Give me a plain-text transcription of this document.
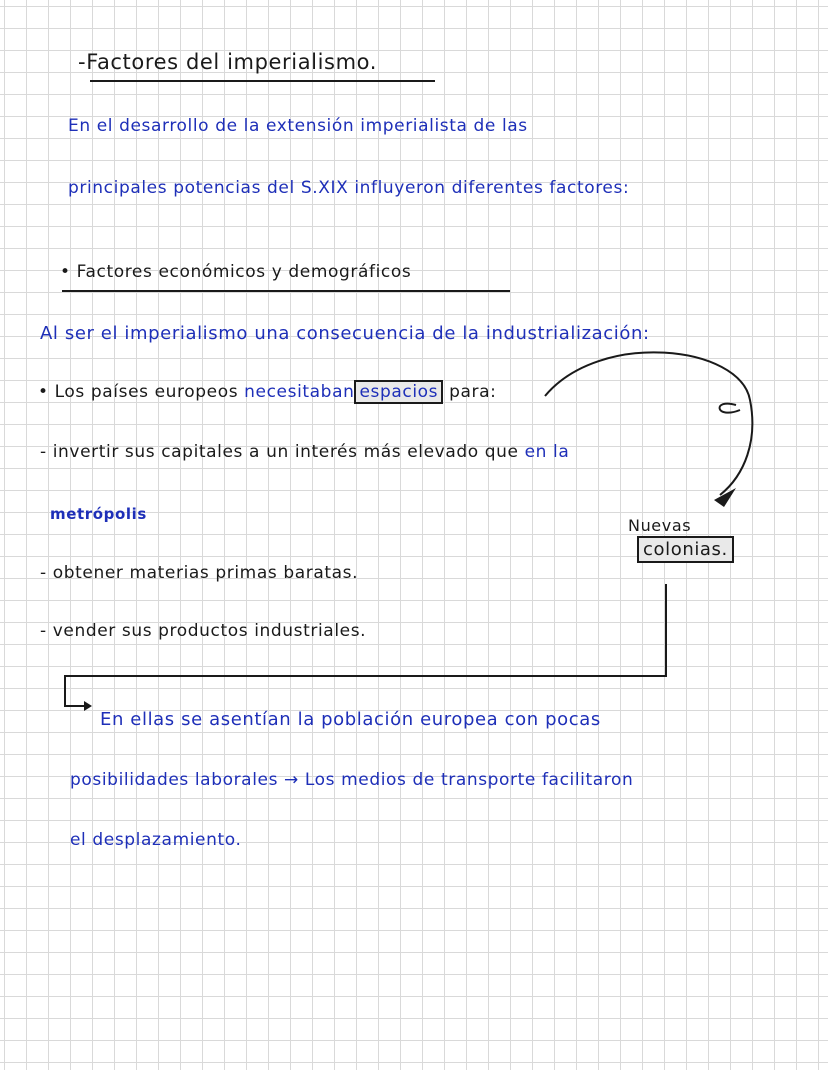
-Factores del imperialismo.
En el desarrollo de la extensión imperialista de las
principales potencias del S.XIX influyeron diferentes factores:
• Factores económicos y demográficos
Al ser el imperialismo una consecuencia de la industrialización:
• Los países europeos necesitaban espacios para:
- invertir sus capitales a un interés más elevado que en la
metrópolis
- obtener materias primas baratas.
- vender sus productos industriales.
Nuevas
colonias.
En ellas se asentían la población europea con pocas
posibilidades laborales → Los medios de transporte facilitaron
el desplazamiento.
